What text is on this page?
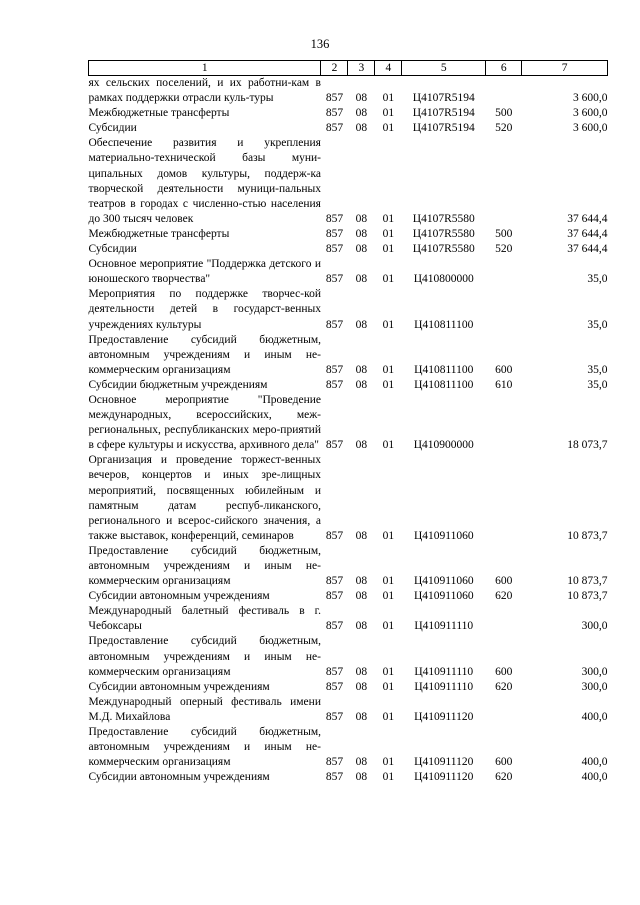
136
1	2	3	4	5	6	7
ях сельских поселений, и их работни-кам в рамках поддержки отрасли куль-туры	857	08	01	Ц4107R5194		3 600,0
Межбюджетные трансферты	857	08	01	Ц4107R5194	500	3 600,0
Субсидии	857	08	01	Ц4107R5194	520	3 600,0
Обеспечение развития и укрепления материально-технической базы муни-ципальных домов культуры, поддерж-ка творческой деятельности муници-пальных театров в городах с численно-стью населения до 300 тысяч человек	857	08	01	Ц4107R5580		37 644,4
Межбюджетные трансферты	857	08	01	Ц4107R5580	500	37 644,4
Субсидии	857	08	01	Ц4107R5580	520	37 644,4
Основное мероприятие "Поддержка детского и юношеского творчества"	857	08	01	Ц410800000		35,0
Мероприятия по поддержке творчес-кой деятельности детей в государст-венных учреждениях культуры	857	08	01	Ц410811100		35,0
Предоставление субсидий бюджетным, автономным учреждениям и иным не-коммерческим организациям	857	08	01	Ц410811100	600	35,0
Субсидии бюджетным учреждениям	857	08	01	Ц410811100	610	35,0
Основное мероприятие "Проведение международных, всероссийских, меж-региональных, республиканских меро-приятий в сфере культуры и искусства, архивного дела"	857	08	01	Ц410900000		18 073,7
Организация и проведение торжест-венных вечеров, концертов и иных зре-лищных мероприятий, посвященных юбилейным и памятным датам респуб-ликанского, регионального и всерос-сийского значения, а также выставок, конференций, семинаров	857	08	01	Ц410911060		10 873,7
Предоставление субсидий бюджетным, автономным учреждениям и иным не-коммерческим организациям	857	08	01	Ц410911060	600	10 873,7
Субсидии автономным учреждениям	857	08	01	Ц410911060	620	10 873,7
Международный балетный фестиваль в г. Чебоксары	857	08	01	Ц410911110		300,0
Предоставление субсидий бюджетным, автономным учреждениям и иным не-коммерческим организациям	857	08	01	Ц410911110	600	300,0
Субсидии автономным учреждениям	857	08	01	Ц410911110	620	300,0
Международный оперный фестиваль имени М.Д. Михайлова	857	08	01	Ц410911120		400,0
Предоставление субсидий бюджетным, автономным учреждениям и иным не-коммерческим организациям	857	08	01	Ц410911120	600	400,0
Субсидии автономным учреждениям	857	08	01	Ц410911120	620	400,0
